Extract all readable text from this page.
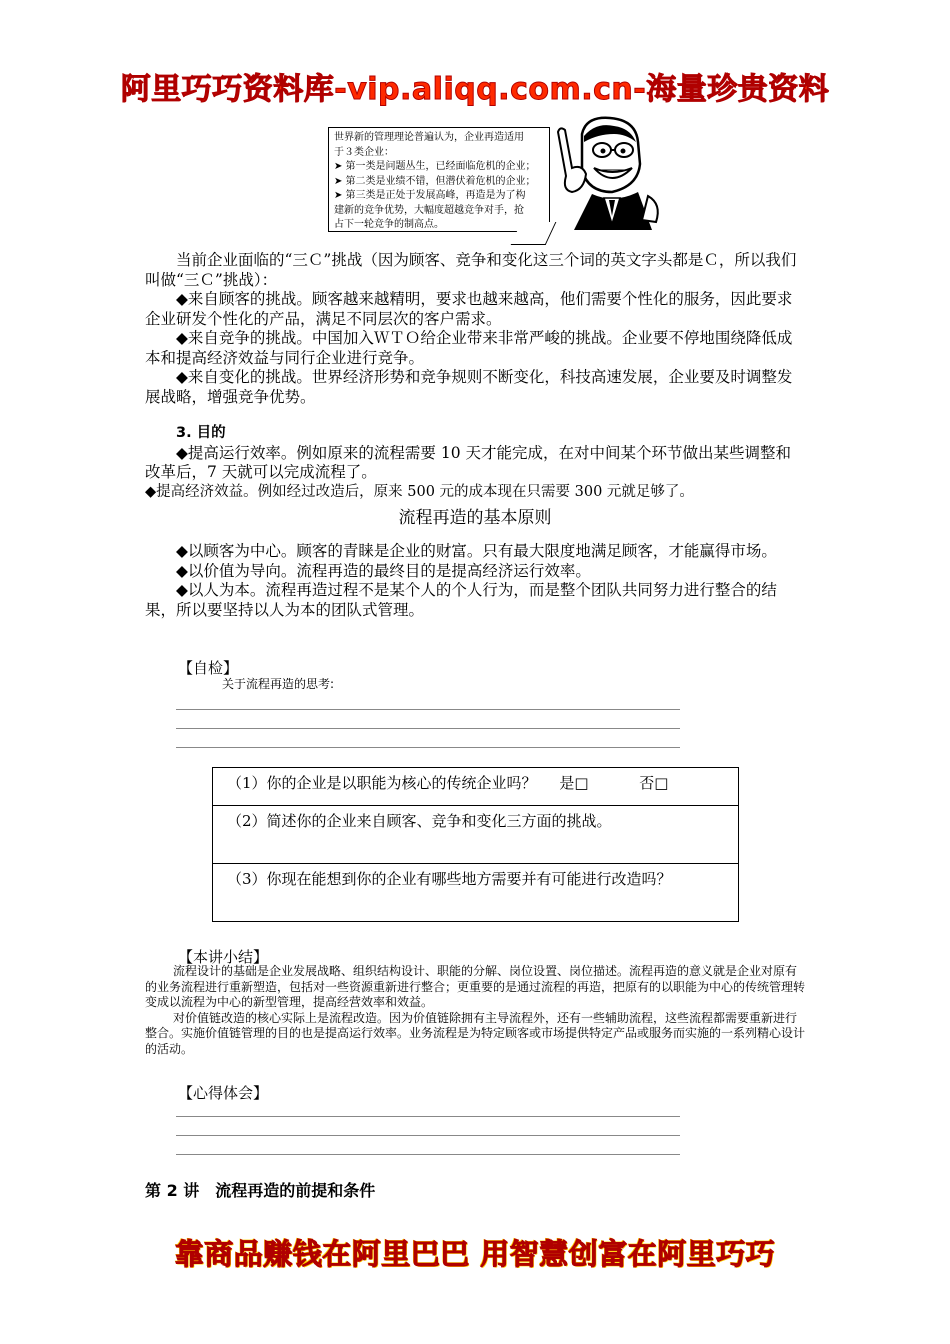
阿里巧巧资料库-vip.aliqq.com.cn-海量珍贵资料

世界新的管理理论普遍认为，企业再造适用

于３类企业：

➤ 第一类是问题丛生，已经面临危机的企业；

➤ 第二类是业绩不错，但潜伏着危机的企业；

➤ 第三类是正处于发展高峰，再造是为了构

建新的竞争优势，大幅度超越竞争对手，抢

占下一轮竞争的制高点。

当前企业面临的“三Ｃ”挑战（因为顾客、竞争和变化这三个词的英文字头都是Ｃ，所以我们叫做“三Ｃ”挑战）：

◆来自顾客的挑战。顾客越来越精明，要求也越来越高，他们需要个性化的服务，因此要求企业研发个性化的产品，满足不同层次的客户需求。

◆来自竞争的挑战。中国加入ＷＴＯ给企业带来非常严峻的挑战。企业要不停地围绕降低成本和提高经济效益与同行企业进行竞争。

◆来自变化的挑战。世界经济形势和竞争规则不断变化，科技高速发展，企业要及时调整发展战略，增强竞争优势。

3. 目的

◆提高运行效率。例如原来的流程需要 10 天才能完成，在对中间某个环节做出某些调整和改革后，7 天就可以完成流程了。

◆提高经济效益。例如经过改造后，原来 500 元的成本现在只需要 300 元就足够了。

流程再造的基本原则

◆以顾客为中心。顾客的青睐是企业的财富。只有最大限度地满足顾客，才能赢得市场。

◆以价值为导向。流程再造的最终目的是提高经济运行效率。

◆以人为本。流程再造过程不是某个人的个人行为，而是整个团队共同努力进行整合的结果，所以要坚持以人为本的团队式管理。

【自检】
关于流程再造的思考:
（1）你的企业是以职能为核心的传统企业吗？ 是□	否□
（2）简述你的企业来自顾客、竞争和变化三方面的挑战。
（3）你现在能想到你的企业有哪些地方需要并有可能进行改造吗？
【本讲小结】

流程设计的基础是企业发展战略、组织结构设计、职能的分解、岗位设置、岗位描述。流程再造的意义就是企业对原有的业务流程进行重新塑造，包括对一些资源重新进行整合；更重要的是通过流程的再造，把原有的以职能为中心的传统管理转变成以流程为中心的新型管理，提高经营效率和效益。

对价值链改造的核心实际上是流程改造。因为价值链除拥有主导流程外，还有一些辅助流程，这些流程都需要重新进行整合。实施价值链管理的目的也是提高运行效率。业务流程是为特定顾客或市场提供特定产品或服务而实施的一系列精心设计的活动。

【心得体会】
第 2 讲　流程再造的前提和条件
靠商品赚钱在阿里巴巴 用智慧创富在阿里巧巧
